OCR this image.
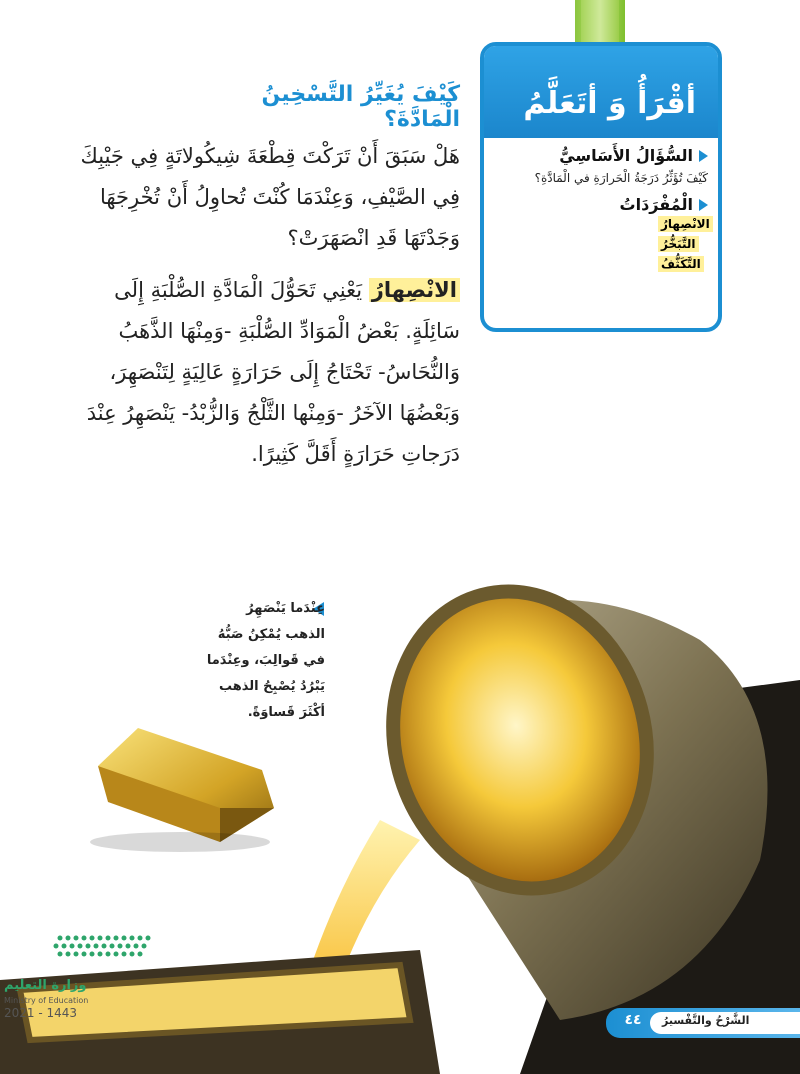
أقْرَأُ وَ أتَعَلَّمُ
السُّؤَالُ الأَسَاسِيُّ
كَيْفَ تُؤَثِّرُ دَرَجَةُ الْحَرارَةِ في الْمَادَّةِ؟
الْمُفْرَدَاتُ
الانْصِهارُ
التَّبَخُّرُ
التَّكَثُّفُ
كَيْفَ يُغَيِّرُ التَّسْخِينُ الْمَادَّةَ؟
هَلْ سَبَقَ أَنْ تَرَكْتَ قِطْعَةَ شِيكُولاتَةٍ فِي جَيْبِكَ فِي الصَّيْفِ، وَعِنْدَمَا كُنْتَ تُحاوِلُ أَنْ تُخْرِجَهَا وَجَدْتَهَا قَدِ انْصَهَرَتْ؟
الانْصِهارُ يَعْنِي تَحَوُّلَ الْمَادَّةِ الصُّلْبَةِ إِلَى سَائِلَةٍ. بَعْضُ الْمَوَادِّ الصُّلْبَةِ -وَمِنْهَا الذَّهَبُ وَالنُّحَاسُ- تَحْتَاجُ إِلَى حَرَارَةٍ عَالِيَةٍ لِتَنْصَهِرَ، وَبَعْضُهَا الآخَرُ -وَمِنْها الثَّلْجُ وَالزُّبْدُ- يَنْصَهِرُ عِنْدَ دَرَجاتِ حَرَارَةٍ أَقَلَّ كَثِيرًا.
عِنْدَما يَنْصَهِرُ الذهب يُمْكِنُ صَبُّهُ في قَوالِبَ، وعِنْدَما يَبْرُدُ يُصْبِحُ الذهب أكْثَرَ قَساوَةً.
وزارة التعليم
Ministry of Education
2021 - 1443
الشَّرْحُ والتَّفْسيرُ
٤٤
